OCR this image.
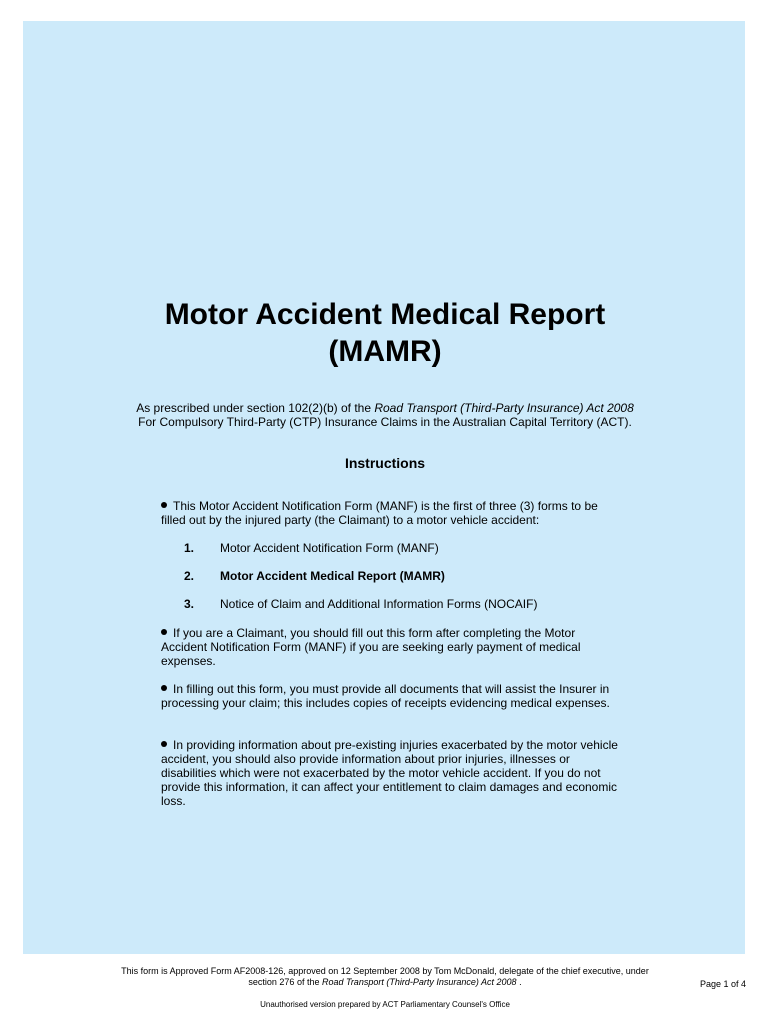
Motor Accident Medical Report
(MAMR)
As prescribed under section 102(2)(b) of the Road Transport (Third-Party Insurance) Act 2008
For Compulsory Third-Party (CTP) Insurance Claims in the Australian Capital Territory (ACT).
Instructions

This Motor Accident Notification Form (MANF) is the first of three (3) forms to be filled out by the injured party (the Claimant) to a motor vehicle accident:

1. Motor Accident Notification Form (MANF)
2. Motor Accident Medical Report (MAMR)
3. Notice of Claim and Additional Information Forms (NOCAIF)

If you are a Claimant, you should fill out this form after completing the Motor Accident Notification Form (MANF) if you are seeking early payment of medical expenses.

In filling out this form, you must provide all documents that will assist the Insurer in processing your claim; this includes copies of receipts evidencing medical expenses.

In providing information about pre-existing injuries exacerbated by the motor vehicle accident, you should also provide information about prior injuries, illnesses or disabilities which were not exacerbated by the motor vehicle accident. If you do not provide this information, it can affect your entitlement to claim damages and economic loss.

This form is Approved Form AF2008-126, approved on 12 September 2008 by Tom McDonald, delegate of the chief executive, under
section 276 of the Road Transport (Third-Party Insurance) Act 2008 .	Page 1 of 4
Unauthorised version prepared by ACT Parliamentary Counsel's Office
